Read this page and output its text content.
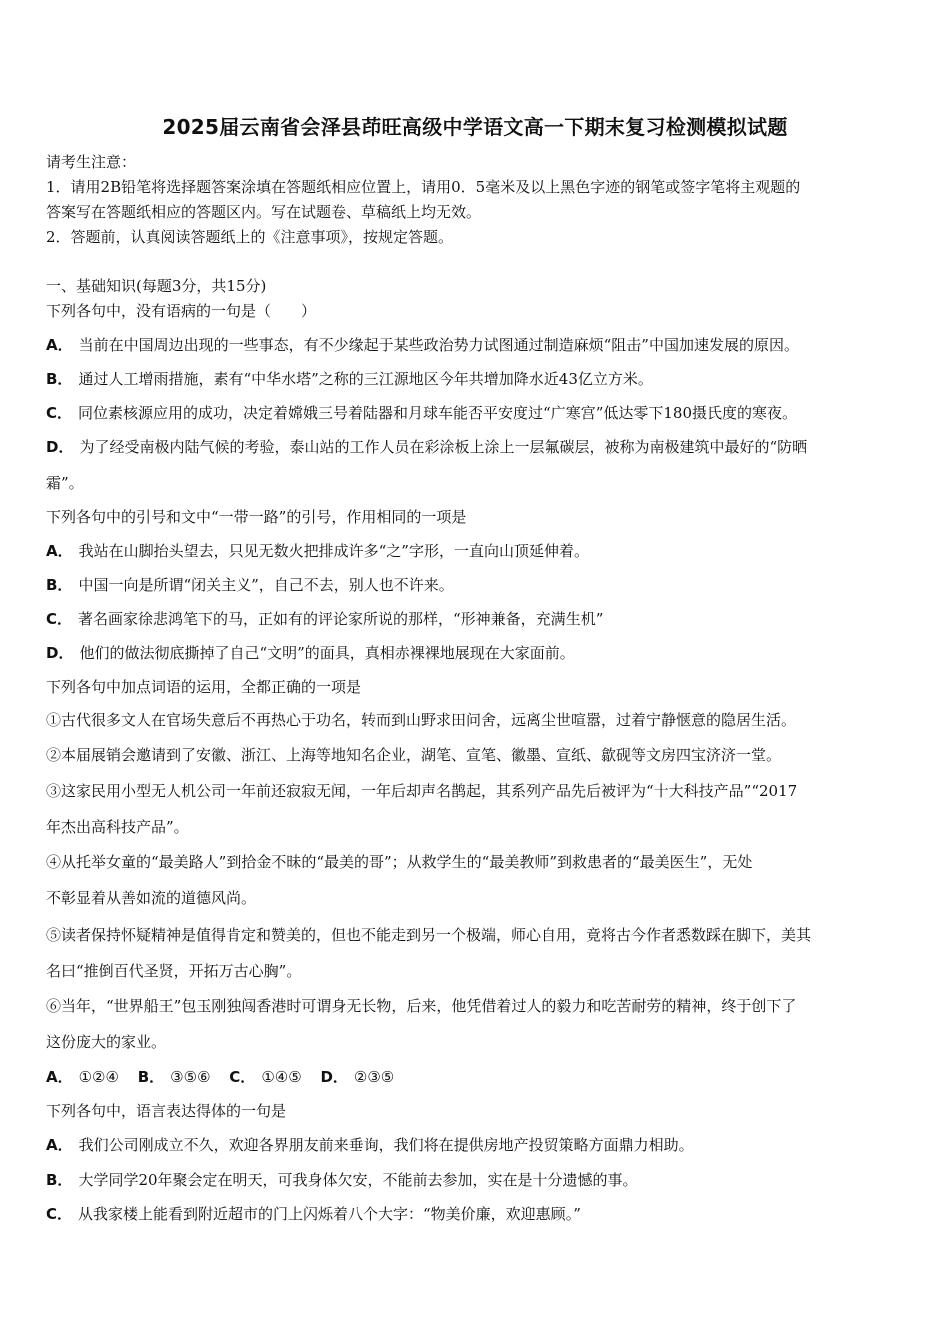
2025届云南省会泽县茚旺高级中学语文高一下期末复习检测模拟试题
请考生注意：
1．请用2B铅笔将选择题答案涂填在答题纸相应位置上，请用0．5毫米及以上黑色字迹的钢笔或签字笔将主观题的
答案写在答题纸相应的答题区内。写在试题卷、草稿纸上均无效。
2．答题前，认真阅读答题纸上的《注意事项》，按规定答题。
一、基础知识(每题3分，共15分)
下列各句中，没有语病的一句是（　　）
A． 当前在中国周边出现的一些事态，有不少缘起于某些政治势力试图通过制造麻烦“阻击”中国加速发展的原因。
B． 通过人工增雨措施，素有“中华水塔”之称的三江源地区今年共增加降水近43亿立方米。
C． 同位素核源应用的成功，决定着嫦娥三号着陆器和月球车能否平安度过“广寒宫”低达零下180摄氏度的寒夜。
D． 为了经受南极内陆气候的考验，泰山站的工作人员在彩涂板上涂上一层氟碳层，被称为南极建筑中最好的“防晒
霜”。
下列各句中的引号和文中“一带一路”的引号，作用相同的一项是
A． 我站在山脚抬头望去，只见无数火把排成许多“之”字形，一直向山顶延伸着。
B． 中国一向是所谓“闭关主义”，自己不去，别人也不许来。
C． 著名画家徐悲鸿笔下的马，正如有的评论家所说的那样，“形神兼备，充满生机”
D． 他们的做法彻底撕掉了自己“文明”的面具，真相赤裸裸地展现在大家面前。
下列各句中加点词语的运用，全都正确的一项是
①古代很多文人在官场失意后不再热心于功名，转而到山野求田问舍，远离尘世喧嚣，过着宁静惬意的隐居生活。
②本届展销会邀请到了安徽、浙江、上海等地知名企业，湖笔、宣笔、徽墨、宣纸、歙砚等文房四宝济济一堂。
③这家民用小型无人机公司一年前还寂寂无闻，一年后却声名鹊起，其系列产品先后被评为“十大科技产品”“2017
年杰出高科技产品”。
④从托举女童的“最美路人”到拾金不昧的“最美的哥”；从救学生的“最美教师”到救患者的“最美医生”，无处
不彰显着从善如流的道德风尚。
⑤读者保持怀疑精神是值得肯定和赞美的，但也不能走到另一个极端，师心自用，竟将古今作者悉数踩在脚下，美其
名曰“推倒百代圣贤，开拓万古心胸”。
⑥当年，“世界船王”包玉刚独闯香港时可谓身无长物，后来，他凭借着过人的毅力和吃苦耐劳的精神，终于创下了
这份庞大的家业。
A． ①②④ B． ③⑤⑥ C． ①④⑤ D． ②③⑤
下列各句中，语言表达得体的一句是
A． 我们公司刚成立不久，欢迎各界朋友前来垂询，我们将在提供房地产投贸策略方面鼎力相助。
B． 大学同学20年聚会定在明天，可我身体欠安，不能前去参加，实在是十分遗憾的事。
C． 从我家楼上能看到附近超市的门上闪烁着八个大字：“物美价廉，欢迎惠顾。”
